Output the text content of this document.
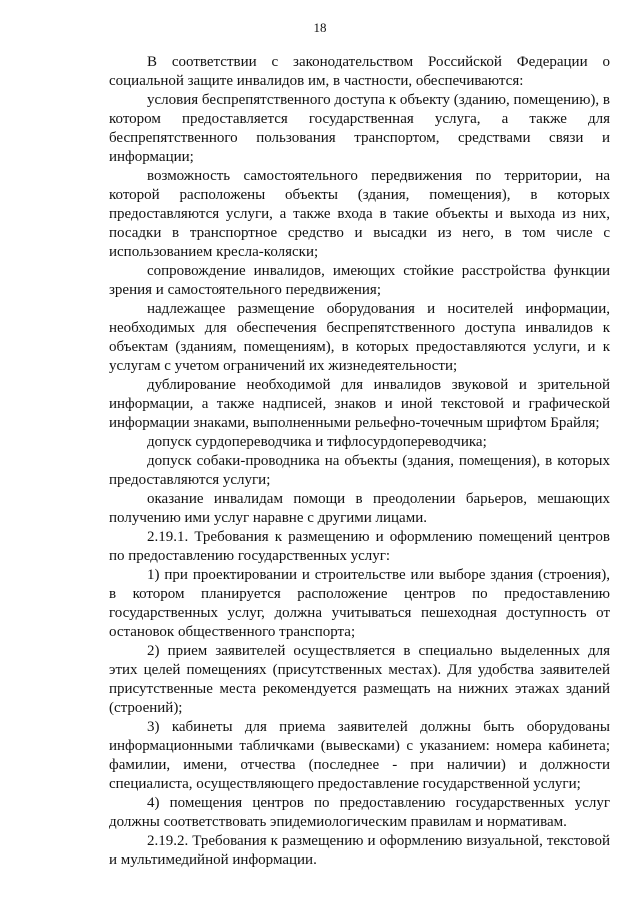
18

В соответствии с законодательством Российской Федерации о социальной защите инвалидов им, в частности, обеспечиваются:

условия беспрепятственного доступа к объекту (зданию, помещению), в котором предоставляется государственная услуга, а также для беспрепятственного пользования транспортом, средствами связи и информации;

возможность самостоятельного передвижения по территории, на которой расположены объекты (здания, помещения), в которых предоставляются услуги, а также входа в такие объекты и выхода из них, посадки в транспортное средство и высадки из него, в том числе с использованием кресла-коляски;

сопровождение инвалидов, имеющих стойкие расстройства функции зрения и самостоятельного передвижения;

надлежащее размещение оборудования и носителей информации, необходимых для обеспечения беспрепятственного доступа инвалидов к объектам (зданиям, помещениям), в которых предоставляются услуги, и к услугам с учетом ограничений их жизнедеятельности;

дублирование необходимой для инвалидов звуковой и зрительной информации, а также надписей, знаков и иной текстовой и графической информации знаками, выполненными рельефно-точечным шрифтом Брайля;

допуск сурдопереводчика и тифлосурдопереводчика;

допуск собаки-проводника на объекты (здания, помещения), в которых предоставляются услуги;

оказание инвалидам помощи в преодолении барьеров, мешающих получению ими услуг наравне с другими лицами.

2.19.1. Требования к размещению и оформлению помещений центров по предоставлению государственных услуг:

1) при проектировании и строительстве или выборе здания (строения), в котором планируется расположение центров по предоставлению государственных услуг, должна учитываться пешеходная доступность от остановок общественного транспорта;

2) прием заявителей осуществляется в специально выделенных для этих целей помещениях (присутственных местах). Для удобства заявителей присутственные места рекомендуется размещать на нижних этажах зданий (строений);

3) кабинеты для приема заявителей должны быть оборудованы информационными табличками (вывесками) с указанием: номера кабинета; фамилии, имени, отчества (последнее - при наличии) и должности специалиста, осуществляющего предоставление государственной услуги;

4) помещения центров по предоставлению государственных услуг должны соответствовать эпидемиологическим правилам и нормативам.

2.19.2. Требования к размещению и оформлению визуальной, текстовой и мультимедийной информации.
